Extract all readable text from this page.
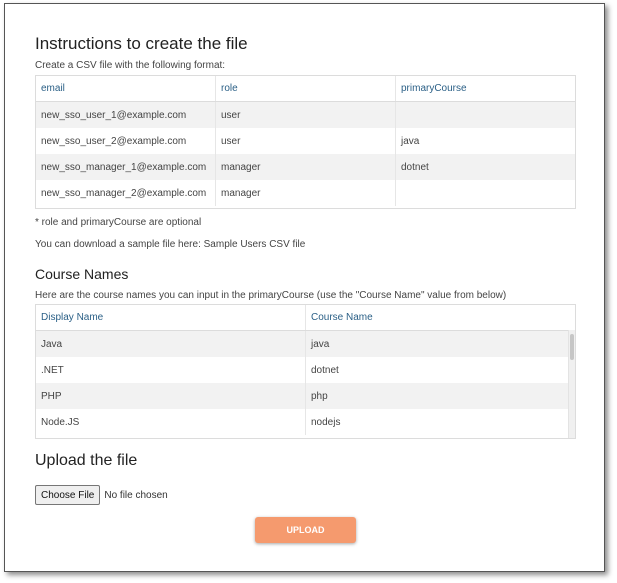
Instructions to create the file

Create a CSV file with the following format:

email	role	primaryCourse
new_sso_user_1@example.com	user
new_sso_user_2@example.com	user	java
new_sso_manager_1@example.com	manager	dotnet
new_sso_manager_2@example.com	manager

* role and primaryCourse are optional

You can download a sample file here: Sample Users CSV file

Course Names

Here are the course names you can input in the primaryCourse (use the "Course Name" value from below)

Display Name	Course Name
Java	java
.NET	dotnet
PHP	php
Node.JS	nodejs
Upload the file
Choose File	No file chosen
UPLOAD
